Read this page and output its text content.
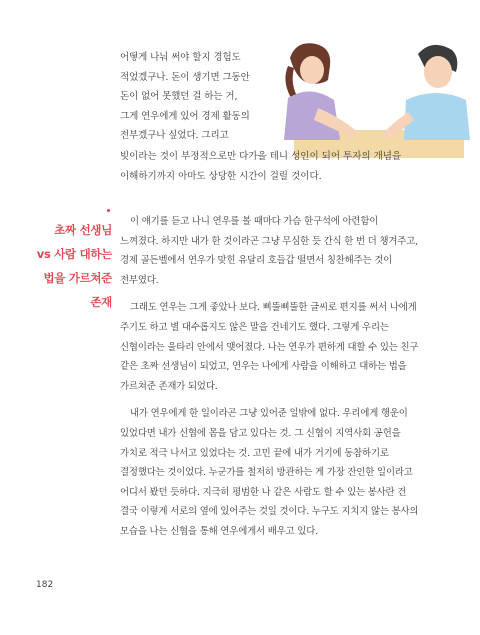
어떻게 나눠 써야 할지 경험도

적었겠구나. 돈이 생기면 그동안

돈이 없어 못했던 걸 하는 거,

그게 연우에게 있어 경제 활동의

전부겠구나 싶었다. 그리고

빚이라는 것이 부정적으로만 다가올 테니 성인이 되어 투자의 개념을

이해하기까지 아마도 상당한 시간이 걸릴 것이다.

초짜 선생님
vs 사람 대하는
법을 가르쳐준
존재
이 얘기를 듣고 나니 연우를 볼 때마다 가슴 한구석에 아련함이
느껴졌다. 하지만 내가 한 것이라곤 그냥 무심한 듯 간식 한 번 더 챙겨주고,
경제 골든벨에서 연우가 맞힌 유달리 호들갑 떨면서 칭찬해주는 것이
전부였다.
그래도 연우는 그게 좋았나 보다. 삐뚤삐뚤한 글씨로 편지를 써서 나에게
주기도 하고 별 대수롭지도 않은 말을 건네기도 했다. 그렇게 우리는
신협이라는 울타리 안에서 맺어졌다. 나는 연우가 편하게 대할 수 있는 친구
같은 초짜 선생님이 되었고, 연우는 나에게 사람을 이해하고 대하는 법을
가르쳐준 존재가 되었다.
내가 연우에게 한 일이라곤 그냥 있어준 일밖에 없다. 우리에게 행운이
있었다면 내가 신협에 몸을 담고 있다는 것. 그 신협이 지역사회 공헌을
가치로 적극 나서고 있었다는 것. 고민 끝에 내가 거기에 동참하기로
결정했다는 것이었다. 누군가를 철저히 방관하는 게 가장 잔인한 일이라고
어디서 봤던 듯하다. 지극히 평범한 나 같은 사람도 할 수 있는 봉사란 건
결국 이렇게 서로의 옆에 있어주는 것일 것이다. 누구도 지치지 않는 봉사의
모습을 나는 신협을 통해 연우에게서 배우고 있다.
182
